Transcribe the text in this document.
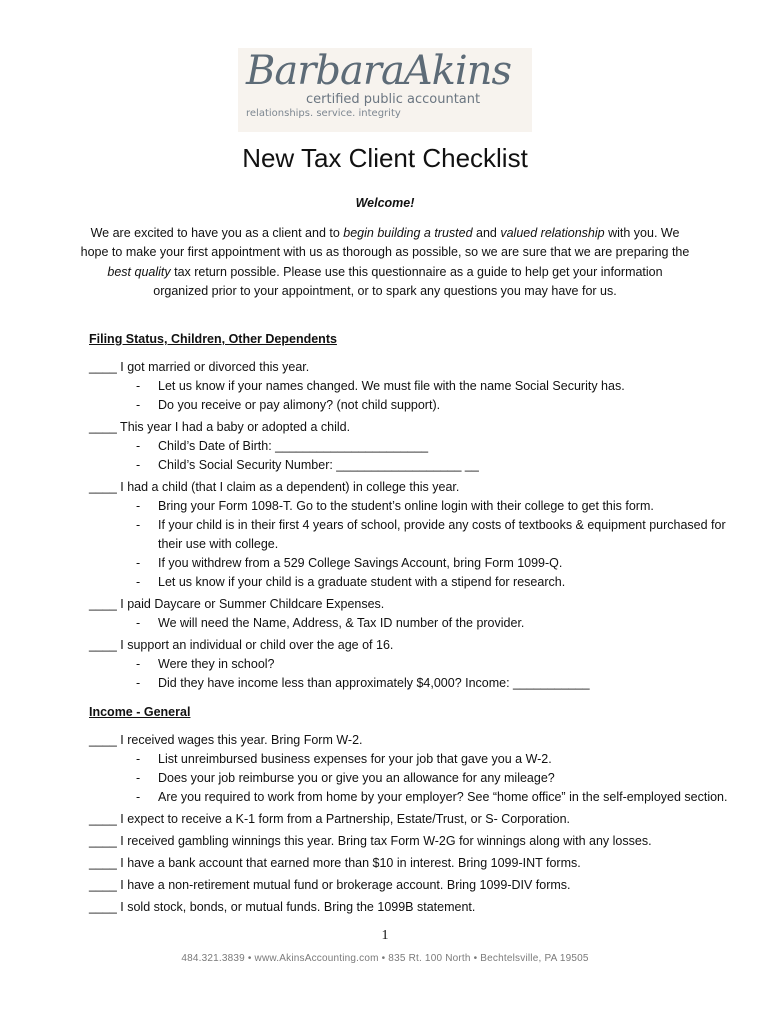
BarbaraAkins
certified public accountant
relationships. service. integrity
New Tax Client Checklist
Welcome!
We are excited to have you as a client and to begin building a trusted and valued relationship with you. We hope to make your first appointment with us as thorough as possible, so we are sure that we are preparing the best quality tax return possible. Please use this questionnaire as a guide to help get your information organized prior to your appointment, or to spark any questions you may have for us.
Filing Status, Children, Other Dependents
____ I got married or divorced this year.
- Let us know if your names changed. We must file with the name Social Security has.
- Do you receive or pay alimony? (not child support).
____ This year I had a baby or adopted a child.
- Child’s Date of Birth: ______________________
- Child’s Social Security Number: __________________ __
____ I had a child (that I claim as a dependent) in college this year.
- Bring your Form 1098-T. Go to the student’s online login with their college to get this form.
- If your child is in their first 4 years of school, provide any costs of textbooks & equipment purchased for their use with college.
- If you withdrew from a 529 College Savings Account, bring Form 1099-Q.
- Let us know if your child is a graduate student with a stipend for research.
____ I paid Daycare or Summer Childcare Expenses.
- We will need the Name, Address, & Tax ID number of the provider.
____ I support an individual or child over the age of 16.
- Were they in school?
- Did they have income less than approximately $4,000? Income: ___________
Income - General
____ I received wages this year. Bring Form W-2.
- List unreimbursed business expenses for your job that gave you a W-2.
- Does your job reimburse you or give you an allowance for any mileage?
- Are you required to work from home by your employer? See “home office” in the self-employed section.
____ I expect to receive a K-1 form from a Partnership, Estate/Trust, or S- Corporation.
____ I received gambling winnings this year. Bring tax Form W-2G for winnings along with any losses.
____ I have a bank account that earned more than $10 in interest. Bring 1099-INT forms.
____ I have a non-retirement mutual fund or brokerage account. Bring 1099-DIV forms.
____ I sold stock, bonds, or mutual funds. Bring the 1099B statement.
1
484.321.3839 • www.AkinsAccounting.com • 835 Rt. 100 North • Bechtelsville, PA 19505
